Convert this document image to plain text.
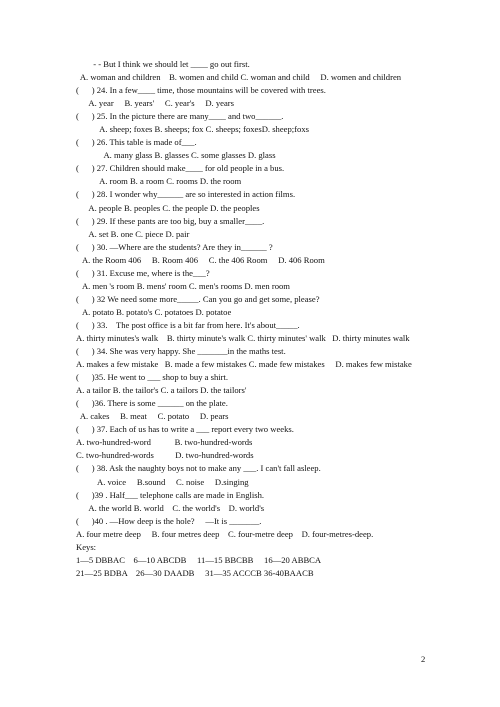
- - But I think we should let ____ go out first.
A. woman and children    B. women and child C. woman and child     D. women and children
(      ) 24. In a few____ time, those mountains will be covered with trees.
A. year     B. years'     C. year's     D. years
(      ) 25. In the picture there are many____ and two______.
A. sheep; foxes B. sheeps; fox C. sheeps; foxesD. sheep;foxs
(      ) 26. This table is made of___.
A. many glass B. glasses C. some glasses D. glass
(      ) 27. Children should make____ for old people in a bus.
A. room B. a room C. rooms D. the room
(      ) 28. I wonder why______ are so interested in action films.
A. people B. peoples C. the people D. the peoples
(      ) 29. If these pants are too big, buy a smaller____.
A. set B. one C. piece D. pair
(      ) 30. —Where are the students? Are they in______ ?
A. the Room 406     B. Room 406     C. the 406 Room     D. 406 Room
(      ) 31. Excuse me, where is the___?
A. men 's room B. mens' room C. men's rooms D. men room
(      ) 32 We need some more_____. Can you go and get some, please?
A. potato B. potato's C. potatoes D. potatoe
(      ) 33.    The post office is a bit far from here. It's about_____.
A. thirty minutes's walk    B. thirty minute's walk C. thirty minutes' walk   D. thirty minutes walk
(      ) 34. She was very happy. She _______in the maths test.
A. makes a few mistake   B. made a few mistakes C. made few mistakes     D. makes few mistake
(      )35. He went to ___ shop to buy a shirt.
A. a tailor B. the tailor's C. a tailors D. the tailors'
(      )36. There is some ______ on the plate.
A. cakes     B. meat     C. potato     D. pears
(      ) 37. Each of us has to write a ___ report every two weeks.
A. two-hundred-word           B. two-hundred-words
C. two-hundred-words          D. two-hundred-words
(      ) 38. Ask the naughty boys not to make any ___. I can't fall asleep.
A. voice     B.sound     C. noise     D.singing
(      )39 . Half___ telephone calls are made in English.
A. the world B. world    C. the world's    D. world's
(      )40 . —How deep is the hole?     —It is _______.
A. four metre deep     B. four metres deep    C. four-metre deep    D. four-metres-deep.
Keys:
1—5 DBBAC    6—10 ABCDB     11—15 BBCBB     16—20 ABBCA
21—25 BDBA    26—30 DAADB     31—35 ACCCB 36-40BAACB
2
